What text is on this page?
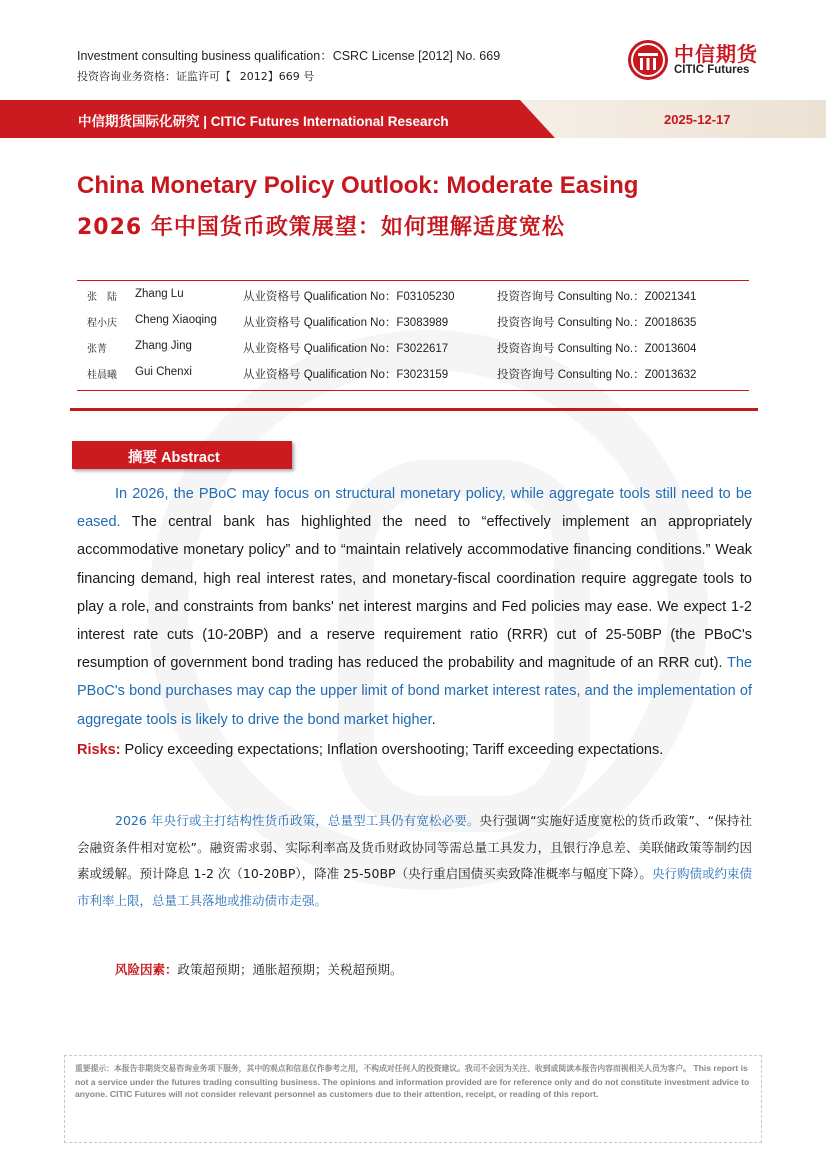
Investment consulting business qualification：CSRC License [2012] No. 669
投资咨询业务资格：证监许可【    2012】669 号
中信期货
CITIC Futures
中信期货国际化研究 | CITIC Futures International Research	2025-12-17
China Monetary Policy Outlook: Moderate Easing
2026 年中国货币政策展望：如何理解适度宽松
张　陆 Zhang Lu	从业资格号 Qualification No：F03105230	投资咨询号 Consulting No.：Z0021341
程小庆 Cheng Xiaoqing 从业资格号 Qualification No：F3083989	投资咨询号 Consulting No.：Z0018635
张菁 Zhang Jing	从业资格号 Qualification No：F3022617	投资咨询号 Consulting No.：Z0013604
桂晨曦 Gui Chenxi	从业资格号 Qualification No：F3023159	投资咨询号 Consulting No.：Z0013632
摘要 Abstract

In 2026, the PBoC may focus on structural monetary policy, while aggregate tools still need to be eased. The central bank has highlighted the need to “effectively implement an appropriately accommodative monetary policy” and to “maintain relatively accommodative financing conditions.” Weak financing demand, high real interest rates, and monetary-fiscal coordination require aggregate tools to play a role, and constraints from banks' net interest margins and Fed policies may ease. We expect 1-2 interest rate cuts (10-20BP) and a reserve requirement ratio (RRR) cut of 25-50BP (the PBoC's resumption of government bond trading has reduced the probability and magnitude of an RRR cut). The PBoC's bond purchases may cap the upper limit of bond market interest rates, and the implementation of aggregate tools is likely to drive the bond market higher.

Risks: Policy exceeding expectations; Inflation overshooting; Tariff exceeding expectations.

2026 年央行或主打结构性货币政策，总量型工具仍有宽松必要。央行强调“实施好适度宽松的货币政策”、“保持社会融资条件相对宽松”。融资需求弱、实际利率高及货币财政协同等需总量工具发力，且银行净息差、美联储政策等制约因素或缓解。预计降息 1-2 次（10-20BP），降准 25-50BP（央行重启国债买卖致降准概率与幅度下降）。央行购债或约束债市利率上限，总量工具落地或推动债市走强。

风险因素：政策超预期；通胀超预期；关税超预期。
重要提示：本报告非期货交易咨询业务项下服务，其中的观点和信息仅作参考之用，不构成对任何人的投资建议。我司不会因为关注、收到或阅读本报告内容而视相关人员为客户。 This report is not a service under the futures trading consulting business. The opinions and information provided are for reference only and do not constitute investment advice to anyone. CITIC Futures will not consider relevant personnel as customers due to their attention, receipt, or reading of this report.
